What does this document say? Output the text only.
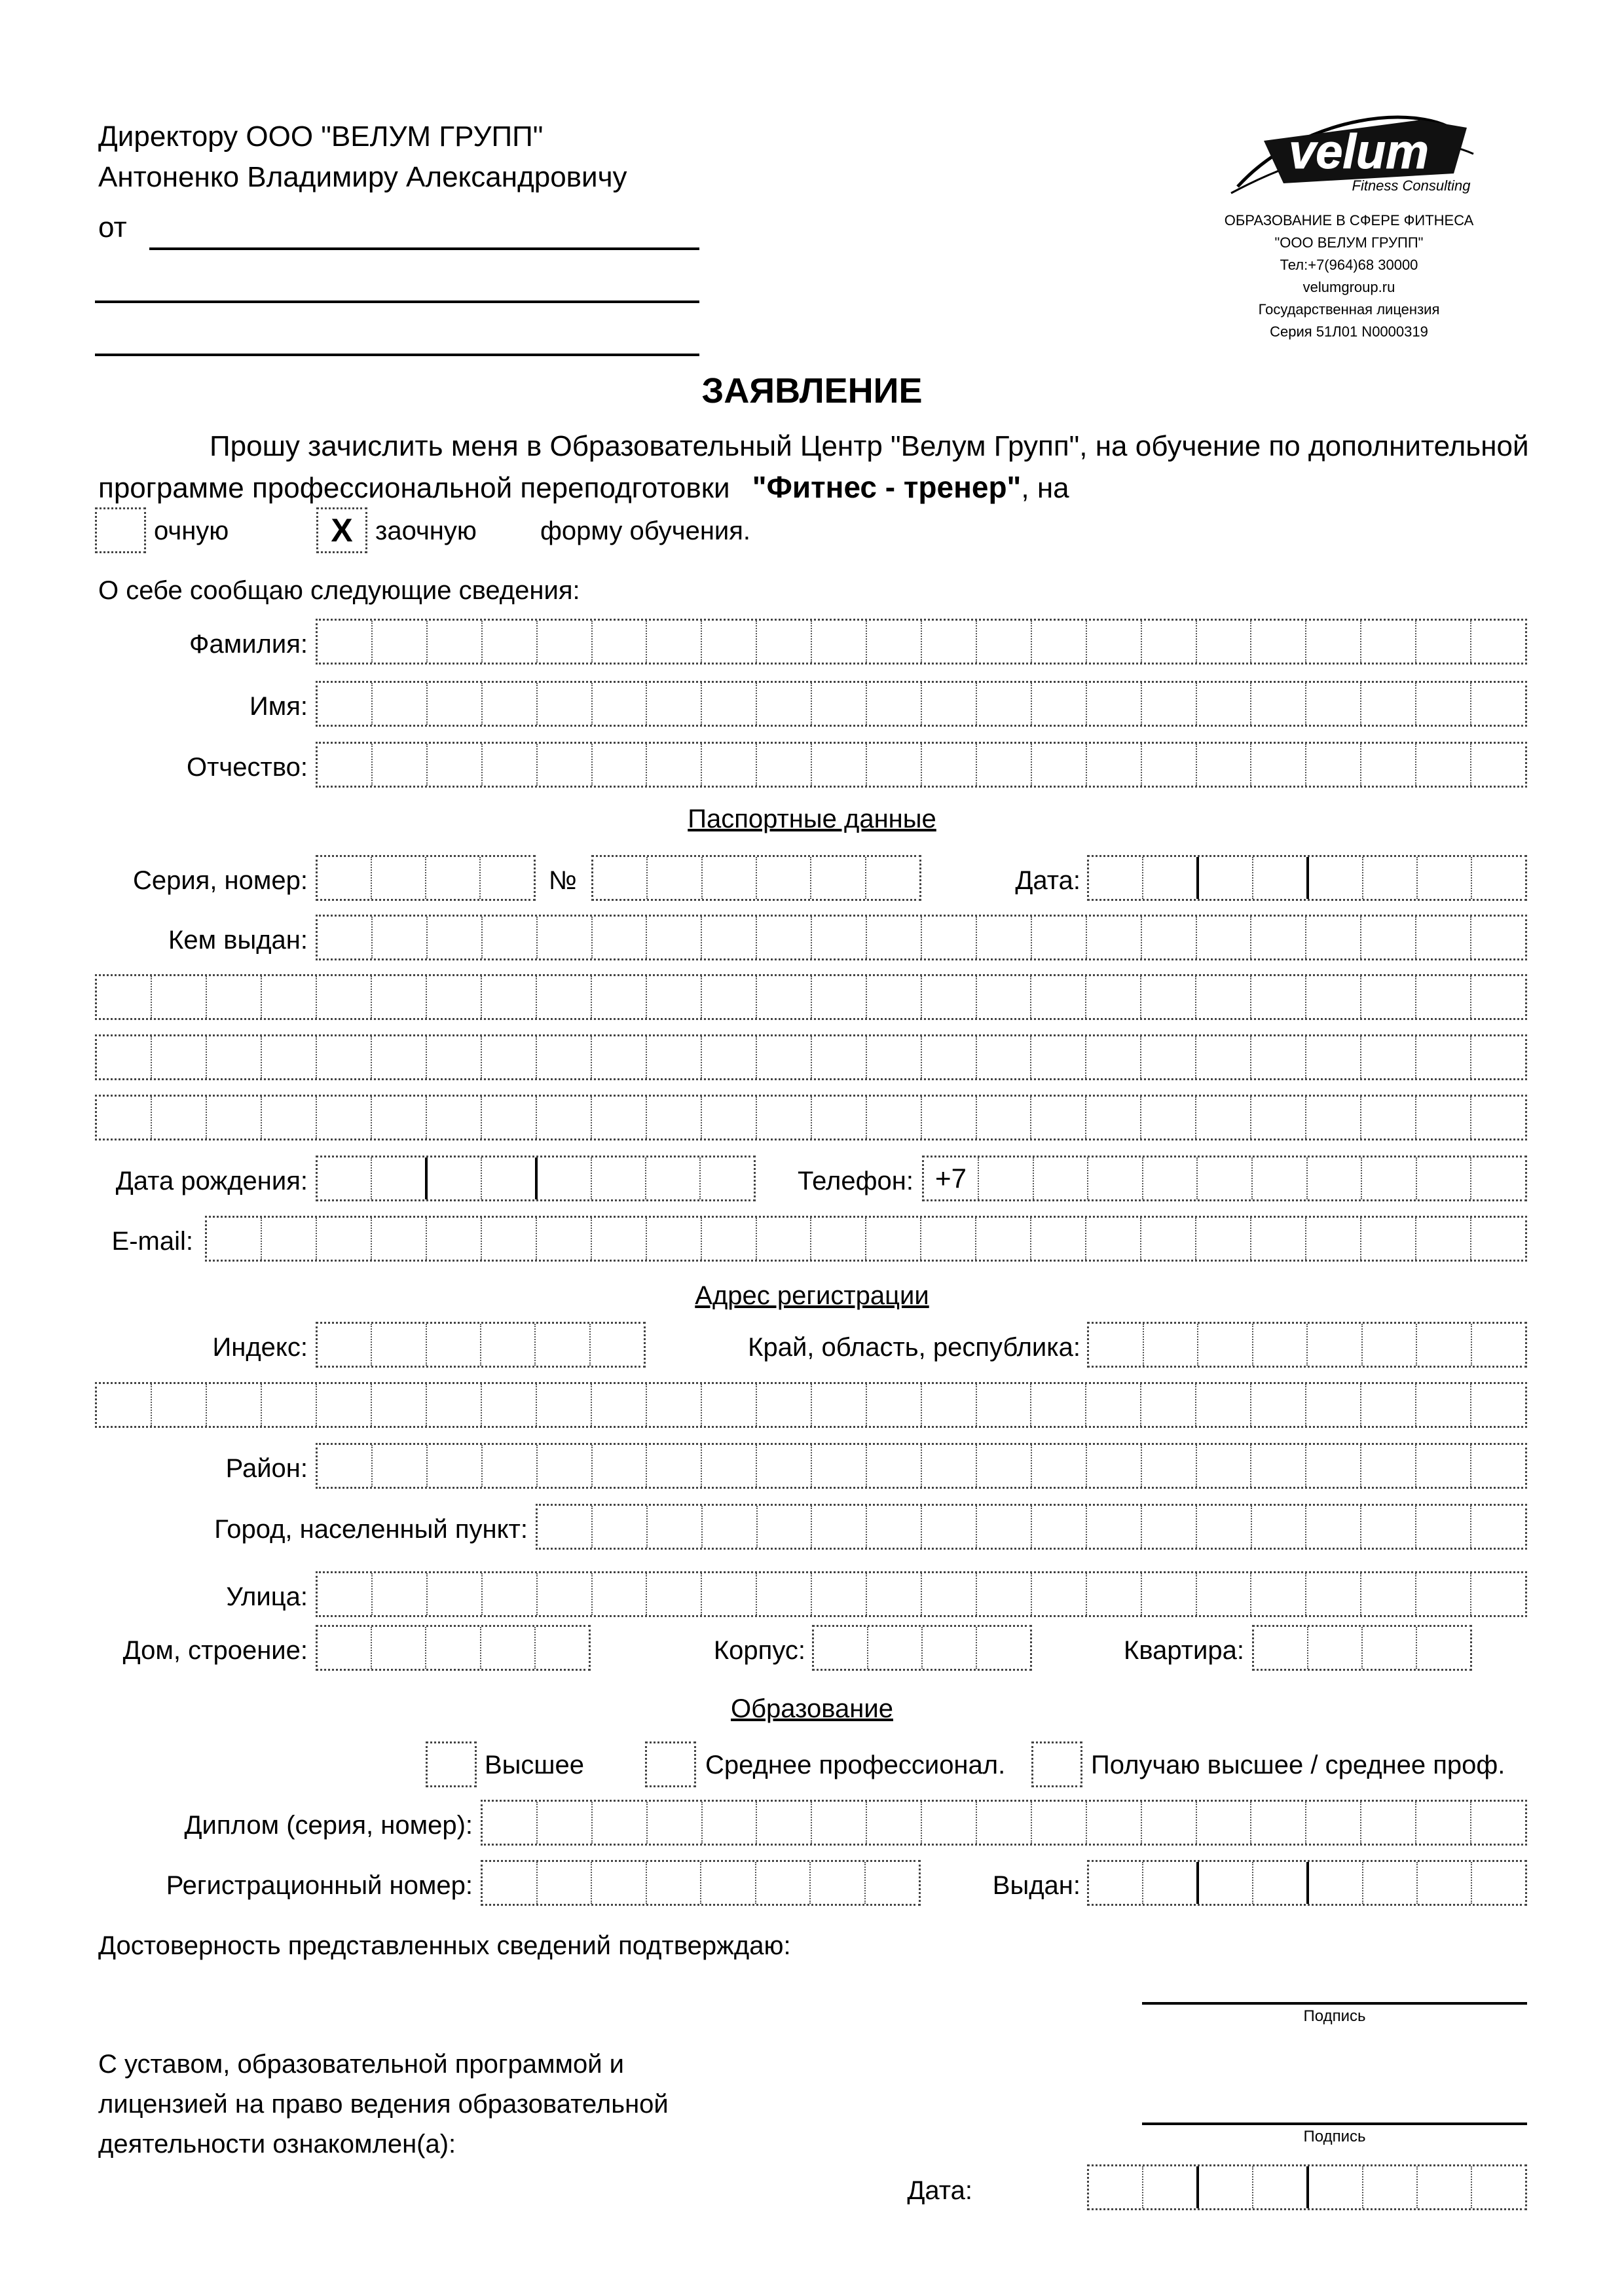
Директору ООО "ВЕЛУМ ГРУПП"
Антоненко Владимиру Александровичу
от
velum
Fitness Consulting
ОБРАЗОВАНИЕ В СФЕРЕ ФИТНЕСА
"ООО ВЕЛУМ ГРУПП"
Тел:+7(964)68 30000
velumgroup.ru
Государственная лицензия
Серия 51Л01 N0000319
ЗАЯВЛЕНИЕ
Прошу зачислить меня в Образовательный Центр "Велум Групп", на обучение по дополнительной
программе профессиональной переподготовки "Фитнес - тренер", на
очную	X заочную форму обучения.
О себе сообщаю следующие сведения:
Фамилия:
Имя:
Отчество:
Паспортные данные
Серия, номер:	№	Дата:
Кем выдан:
Дата рождения:	Телефон: +7
E-mail:
Адрес регистрации
Индекс:	Край, область, республика:
Район:
Город, населенный пункт:
Улица:
Дом, строение:	Корпус:	Квартира:
Образование
Высшее	Среднее профессионал.	Получаю высшее / среднее проф.
Диплом (серия, номер):
Регистрационный номер:	Выдан:
Достоверность представленных сведений подтверждаю:
Подпись
С уставом, образовательной программой и
лицензией на право ведения образовательной
деятельности ознакомлен(а):	Подпись
Дата:
